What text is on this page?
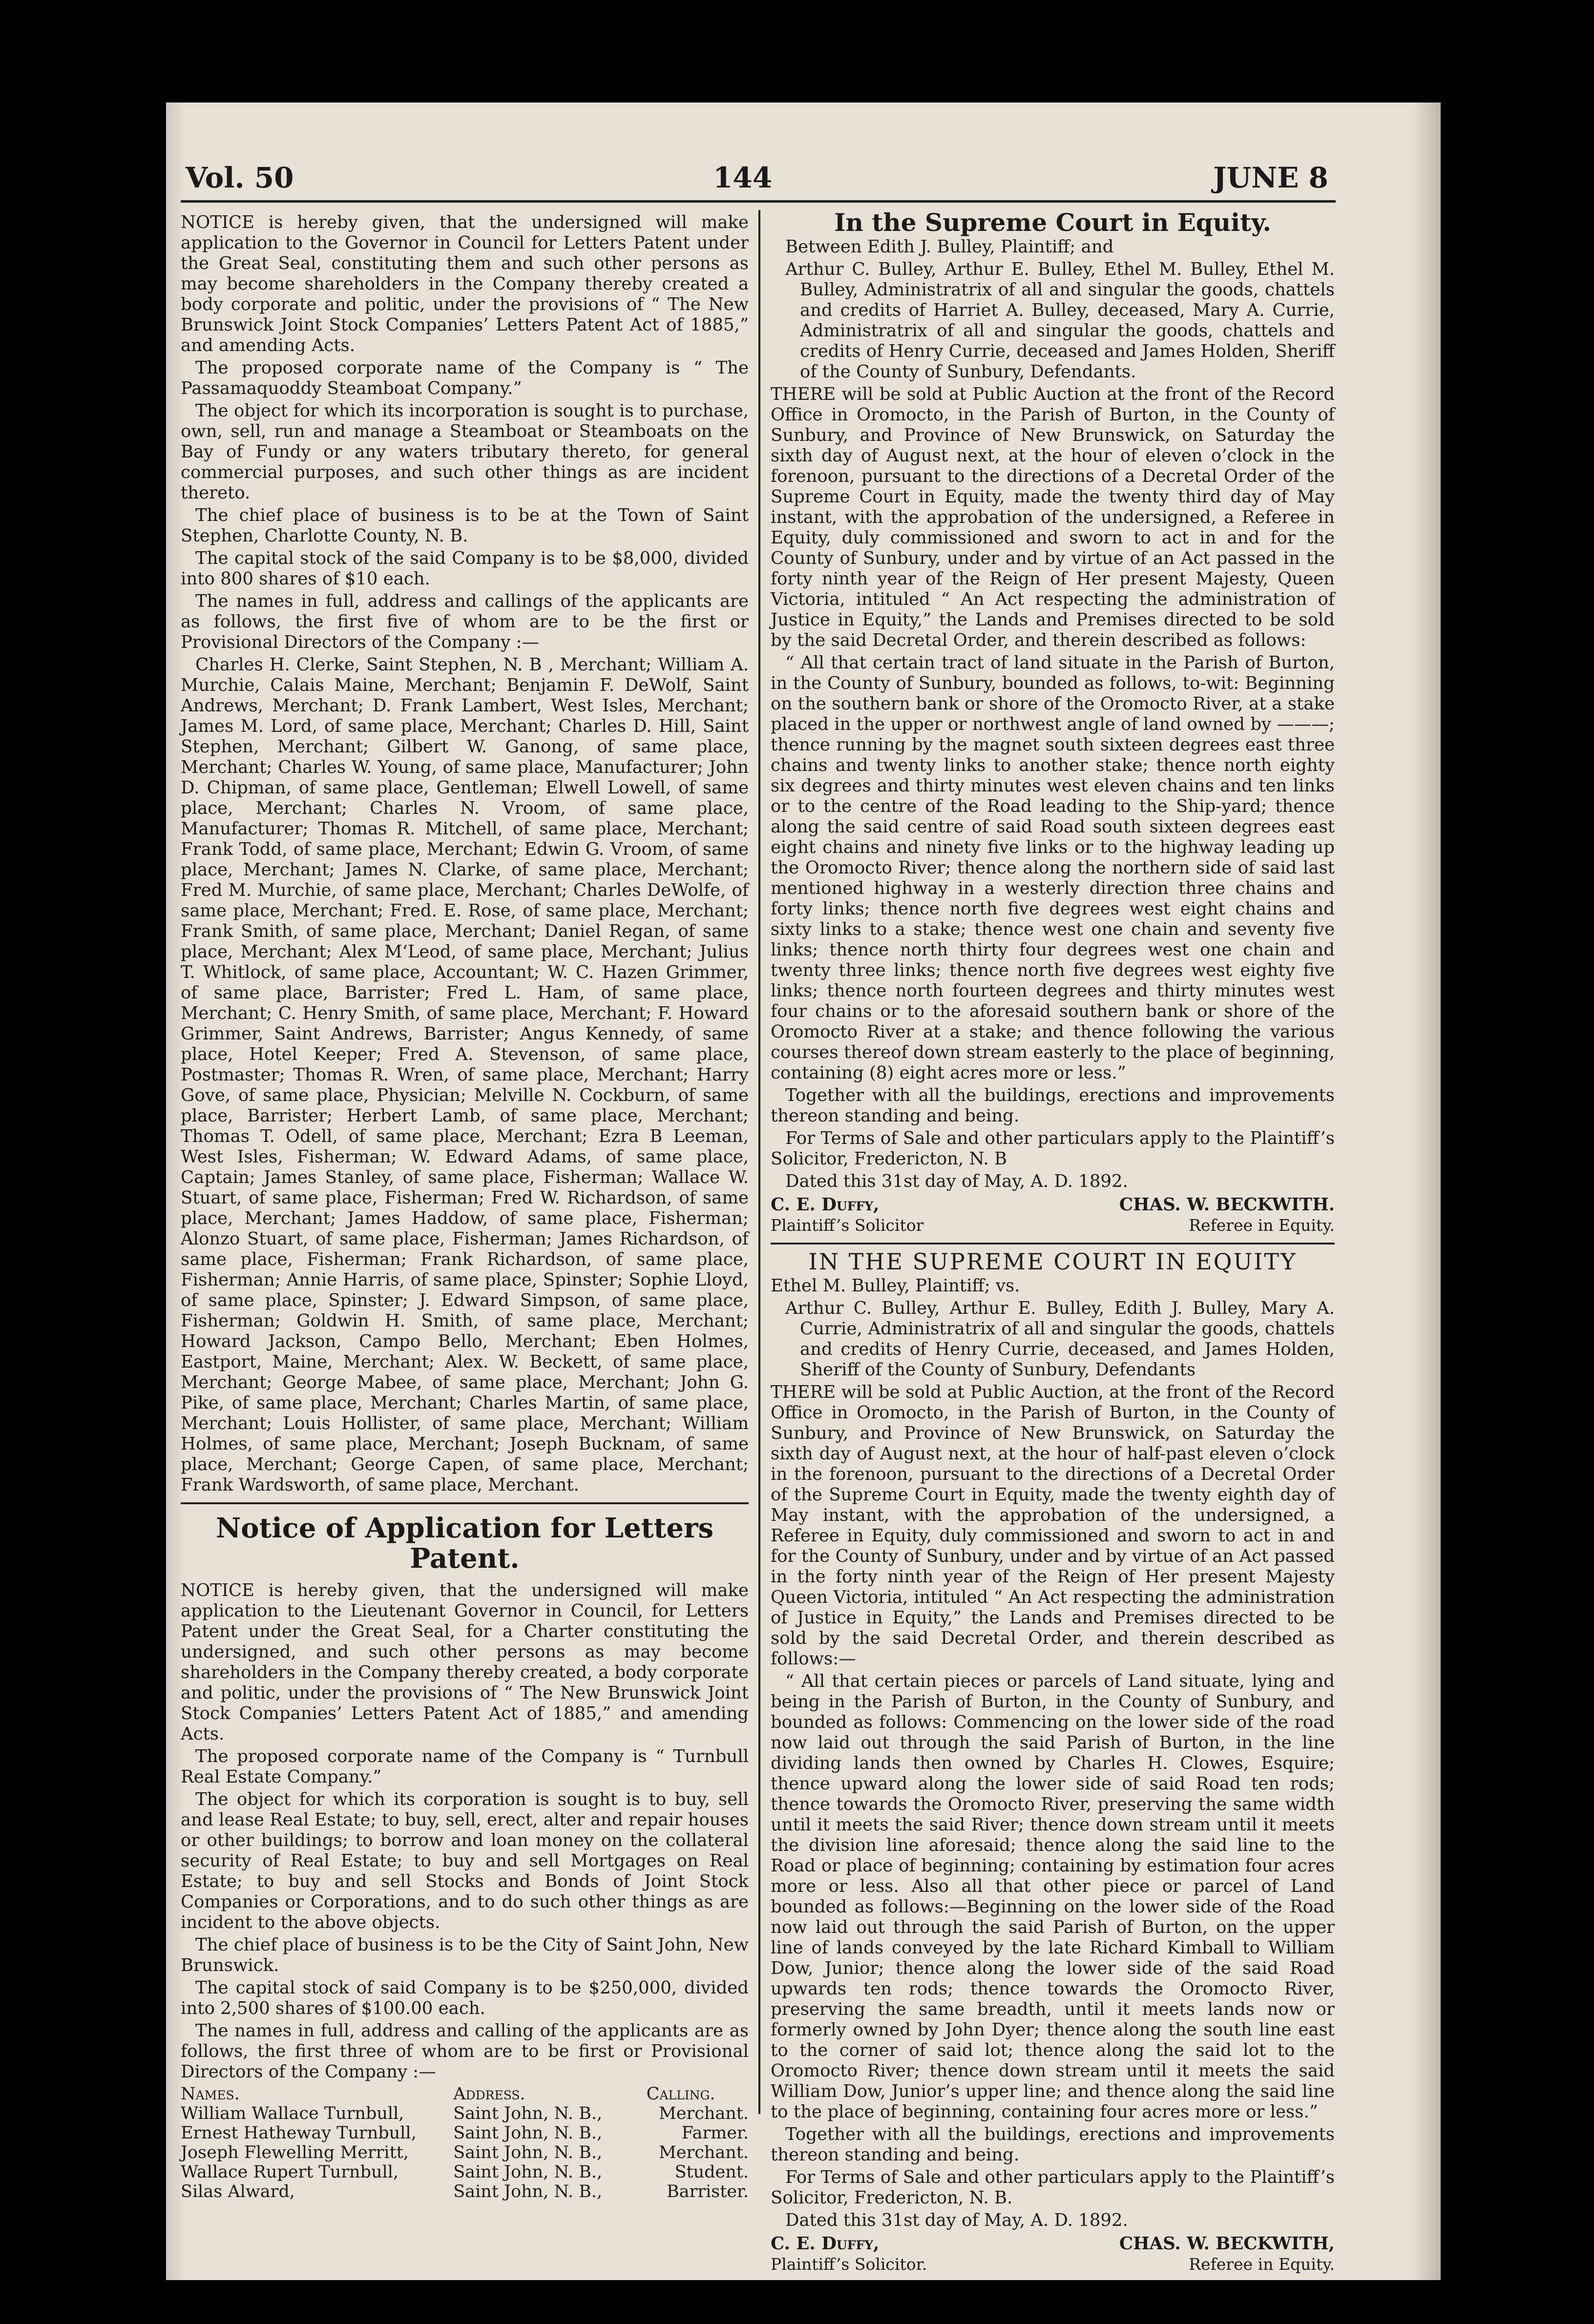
Vol. 50	144	JUNE 8

NOTICE is hereby given, that the undersigned will make application to the Governor in Council for Letters Patent under the Great Seal, constituting them and such other persons as may become shareholders in the Company thereby created a body corporate and politic, under the provisions of “ The New Brunswick Joint Stock Companies’ Letters Patent Act of 1885,” and amending Acts.

The proposed corporate name of the Company is “ The Passamaquoddy Steamboat Company.”

The object for which its incorporation is sought is to purchase, own, sell, run and manage a Steamboat or Steamboats on the Bay of Fundy or any waters tributary thereto, for general commercial purposes, and such other things as are incident thereto.

The chief place of business is to be at the Town of Saint Stephen, Charlotte County, N. B.

The capital stock of the said Company is to be $8,000, divided into 800 shares of $10 each.

The names in full, address and callings of the applicants are as follows, the first five of whom are to be the first or Provisional Directors of the Company :—

Charles H. Clerke, Saint Stephen, N. B , Merchant; William A. Murchie, Calais Maine, Merchant; Benjamin F. DeWolf, Saint Andrews, Merchant; D. Frank Lambert, West Isles, Merchant; James M. Lord, of same place, Merchant; Charles D. Hill, Saint Stephen, Merchant; Gilbert W. Ganong, of same place, Merchant; Charles W. Young, of same place, Manufacturer; John D. Chipman, of same place, Gentleman; Elwell Lowell, of same place, Merchant; Charles N. Vroom, of same place, Manufacturer; Thomas R. Mitchell, of same place, Merchant; Frank Todd, of same place, Merchant; Edwin G. Vroom, of same place, Merchant; James N. Clarke, of same place, Merchant; Fred M. Murchie, of same place, Merchant; Charles DeWolfe, of same place, Merchant; Fred. E. Rose, of same place, Merchant; Frank Smith, of same place, Merchant; Daniel Regan, of same place, Merchant; Alex M‘Leod, of same place, Merchant; Julius T. Whitlock, of same place, Accountant; W. C. Hazen Grimmer, of same place, Barrister; Fred L. Ham, of same place, Merchant; C. Henry Smith, of same place, Merchant; F. Howard Grimmer, Saint Andrews, Barrister; Angus Kennedy, of same place, Hotel Keeper; Fred A. Stevenson, of same place, Postmaster; Thomas R. Wren, of same place, Merchant; Harry Gove, of same place, Physician; Melville N. Cockburn, of same place, Barrister; Herbert Lamb, of same place, Merchant; Thomas T. Odell, of same place, Merchant; Ezra B Leeman, West Isles, Fisherman; W. Edward Adams, of same place, Captain; James Stanley, of same place, Fisherman; Wallace W. Stuart, of same place, Fisherman; Fred W. Richardson, of same place, Merchant; James Haddow, of same place, Fisherman; Alonzo Stuart, of same place, Fisherman; James Richardson, of same place, Fisherman; Frank Richardson, of same place, Fisherman; Annie Harris, of same place, Spinster; Sophie Lloyd, of same place, Spinster; J. Edward Simpson, of same place, Fisherman; Goldwin H. Smith, of same place, Merchant; Howard Jackson, Campo Bello, Merchant; Eben Holmes, Eastport, Maine, Merchant; Alex. W. Beckett, of same place, Merchant; George Mabee, of same place, Merchant; John G. Pike, of same place, Merchant; Charles Martin, of same place, Merchant; Louis Hollister, of same place, Merchant; William Holmes, of same place, Merchant; Joseph Bucknam, of same place, Merchant; George Capen, of same place, Merchant; Frank Wardsworth, of same place, Merchant.

Notice of Application for Letters Patent.

NOTICE is hereby given, that the undersigned will make application to the Lieutenant Governor in Council, for Letters Patent under the Great Seal, for a Charter constituting the undersigned, and such other persons as may become shareholders in the Company thereby created, a body corporate and politic, under the provisions of “ The New Brunswick Joint Stock Companies’ Letters Patent Act of 1885,” and amending Acts.

The proposed corporate name of the Company is “ Turnbull Real Estate Company.”

The object for which its corporation is sought is to buy, sell and lease Real Estate; to buy, sell, erect, alter and repair houses or other buildings; to borrow and loan money on the collateral security of Real Estate; to buy and sell Mortgages on Real Estate; to buy and sell Stocks and Bonds of Joint Stock Companies or Corporations, and to do such other things as are incident to the above objects.

The chief place of business is to be the City of Saint John, New Brunswick.

The capital stock of said Company is to be $250,000, divided into 2,500 shares of $100.00 each.

The names in full, address and calling of the applicants are as follows, the first three of whom are to be first or Provisional Directors of the Company :—

Names.	Address.	Calling.
William Wallace Turnbull,	Saint John, N. B.,	Merchant.
Ernest Hatheway Turnbull,	Saint John, N. B.,	Farmer.
Joseph Flewelling Merritt,	Saint John, N. B.,	Merchant.
Wallace Rupert Turnbull,	Saint John, N. B.,	Student.
Silas Alward,	Saint John, N. B.,	Barrister.
In the Supreme Court in Equity.

Between Edith J. Bulley, Plaintiff; and

Arthur C. Bulley, Arthur E. Bulley, Ethel M. Bulley, Ethel M. Bulley, Administratrix of all and singular the goods, chattels and credits of Harriet A. Bulley, deceased, Mary A. Currie, Administratrix of all and singular the goods, chattels and credits of Henry Currie, deceased and James Holden, Sheriff of the County of Sunbury, Defendants.

THERE will be sold at Public Auction at the front of the Record Office in Oromocto, in the Parish of Burton, in the County of Sunbury, and Province of New Brunswick, on Saturday the sixth day of August next, at the hour of eleven o’clock in the forenoon, pursuant to the directions of a Decretal Order of the Supreme Court in Equity, made the twenty third day of May instant, with the approbation of the undersigned, a Referee in Equity, duly commissioned and sworn to act in and for the County of Sunbury, under and by virtue of an Act passed in the forty ninth year of the Reign of Her present Majesty, Queen Victoria, intituled “ An Act respecting the administration of Justice in Equity,” the Lands and Premises directed to be sold by the said Decretal Order, and therein described as follows:

“ All that certain tract of land situate in the Parish of Burton, in the County of Sunbury, bounded as follows, to-wit: Beginning on the southern bank or shore of the Oromocto River, at a stake placed in the upper or northwest angle of land owned by ———; thence running by the magnet south sixteen degrees east three chains and twenty links to another stake; thence north eighty six degrees and thirty minutes west eleven chains and ten links or to the centre of the Road leading to the Ship-yard; thence along the said centre of said Road south sixteen degrees east eight chains and ninety five links or to the highway leading up the Oromocto River; thence along the northern side of said last mentioned highway in a westerly direction three chains and forty links; thence north five degrees west eight chains and sixty links to a stake; thence west one chain and seventy five links; thence north thirty four degrees west one chain and twenty three links; thence north five degrees west eighty five links; thence north fourteen degrees and thirty minutes west four chains or to the aforesaid southern bank or shore of the Oromocto River at a stake; and thence following the various courses thereof down stream easterly to the place of beginning, containing (8) eight acres more or less.”

Together with all the buildings, erections and improvements thereon standing and being.

For Terms of Sale and other particulars apply to the Plaintiff’s Solicitor, Fredericton, N. B

Dated this 31st day of May, A. D. 1892.

C. E. Duffy,	CHAS. W. BECKWITH.
Plaintiff’s Solicitor	Referee in Equity.
IN THE SUPREME COURT IN EQUITY

Ethel M. Bulley, Plaintiff; vs.

Arthur C. Bulley, Arthur E. Bulley, Edith J. Bulley, Mary A. Currie, Administratrix of all and singular the goods, chattels and credits of Henry Currie, deceased, and James Holden, Sheriff of the County of Sunbury, Defendants

THERE will be sold at Public Auction, at the front of the Record Office in Oromocto, in the Parish of Burton, in the County of Sunbury, and Province of New Brunswick, on Saturday the sixth day of August next, at the hour of half-past eleven o’clock in the forenoon, pursuant to the directions of a Decretal Order of the Supreme Court in Equity, made the twenty eighth day of May instant, with the approbation of the undersigned, a Referee in Equity, duly commissioned and sworn to act in and for the County of Sunbury, under and by virtue of an Act passed in the forty ninth year of the Reign of Her present Majesty Queen Victoria, intituled “ An Act respecting the administration of Justice in Equity,” the Lands and Premises directed to be sold by the said Decretal Order, and therein described as follows:—

“ All that certain pieces or parcels of Land situate, lying and being in the Parish of Burton, in the County of Sunbury, and bounded as follows: Commencing on the lower side of the road now laid out through the said Parish of Burton, in the line dividing lands then owned by Charles H. Clowes, Esquire; thence upward along the lower side of said Road ten rods; thence towards the Oromocto River, preserving the same width until it meets the said River; thence down stream until it meets the division line aforesaid; thence along the said line to the Road or place of beginning; containing by estimation four acres more or less. Also all that other piece or parcel of Land bounded as follows:—Beginning on the lower side of the Road now laid out through the said Parish of Burton, on the upper line of lands conveyed by the late Richard Kimball to William Dow, Junior; thence along the lower side of the said Road upwards ten rods; thence towards the Oromocto River, preserving the same breadth, until it meets lands now or formerly owned by John Dyer; thence along the south line east to the corner of said lot; thence along the said lot to the Oromocto River; thence down stream until it meets the said William Dow, Junior’s upper line; and thence along the said line to the place of beginning, containing four acres more or less.”

Together with all the buildings, erections and improvements thereon standing and being.

For Terms of Sale and other particulars apply to the Plaintiff’s Solicitor, Fredericton, N. B.

Dated this 31st day of May, A. D. 1892.

C. E. Duffy,	CHAS. W. BECKWITH,
Plaintiff’s Solicitor.	Referee in Equity.
